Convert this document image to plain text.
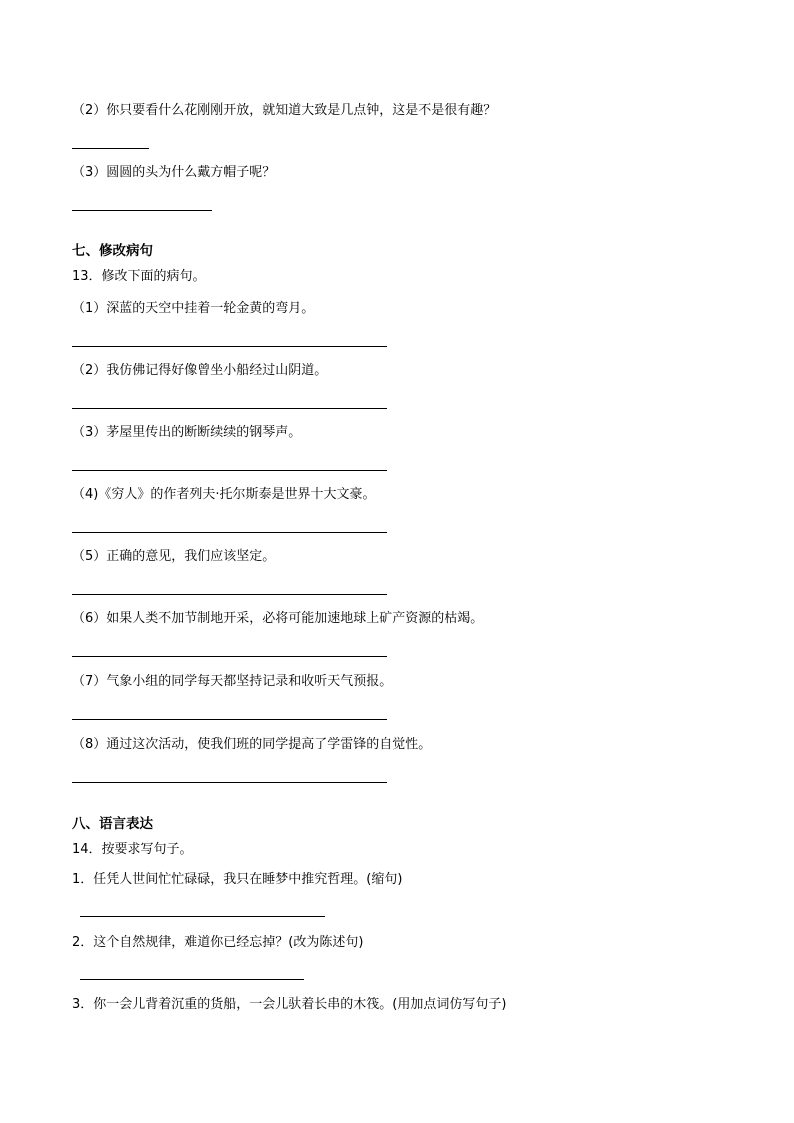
（2）你只要看什么花刚刚开放，就知道大致是几点钟，这是不是很有趣？
（3）圆圆的头为什么戴方帽子呢？
七、修改病句
13．修改下面的病句。
（1）深蓝的天空中挂着一轮金黄的弯月。
（2）我仿佛记得好像曾坐小船经过山阴道。
（3）茅屋里传出的断断续续的钢琴声。
（4)《穷人》的作者列夫·托尔斯泰是世界十大文豪。
（5）正确的意见，我们应该坚定。
（6）如果人类不加节制地开采，必将可能加速地球上矿产资源的枯竭。
（7）气象小组的同学每天都坚持记录和收听天气预报。
（8）通过这次活动，使我们班的同学提高了学雷锋的自觉性。
八、语言表达
14．按要求写句子。
1．任凭人世间忙忙碌碌，我只在睡梦中推究哲理。(缩句)
2．这个自然规律，难道你已经忘掉？(改为陈述句)
3．你一会儿背着沉重的货船，一会儿驮着长串的木筏。(用加点词仿写句子)
